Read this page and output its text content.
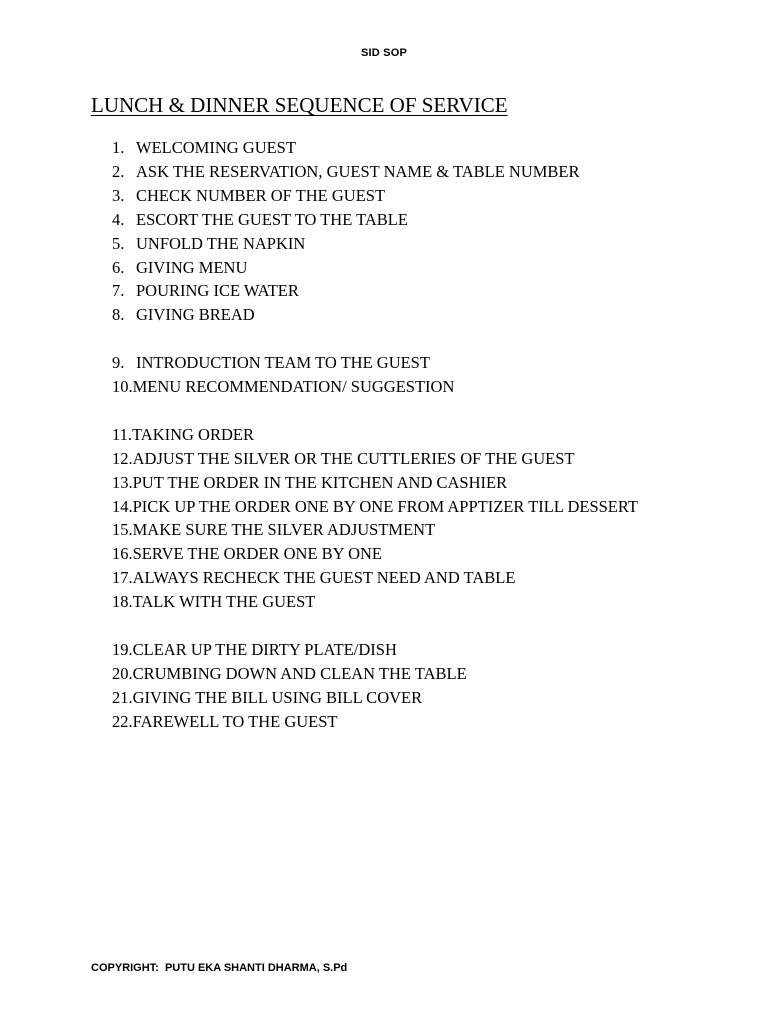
SID SOP
LUNCH & DINNER SEQUENCE OF SERVICE
1. WELCOMING GUEST
2. ASK THE RESERVATION, GUEST NAME & TABLE NUMBER
3. CHECK NUMBER OF THE GUEST
4. ESCORT THE GUEST TO THE TABLE
5. UNFOLD THE NAPKIN
6. GIVING MENU
7. POURING ICE WATER
8. GIVING BREAD
9. INTRODUCTION TEAM TO THE GUEST
10. MENU RECOMMENDATION/ SUGGESTION
11. TAKING ORDER
12. ADJUST THE SILVER OR THE CUTTLERIES OF THE GUEST
13. PUT THE ORDER IN THE KITCHEN AND CASHIER
14. PICK UP THE ORDER ONE BY ONE FROM APPTIZER TILL DESSERT
15. MAKE SURE THE SILVER ADJUSTMENT
16. SERVE THE ORDER ONE BY ONE
17. ALWAYS RECHECK THE GUEST NEED AND TABLE
18. TALK WITH THE GUEST
19. CLEAR UP THE DIRTY PLATE/DISH
20. CRUMBING DOWN AND CLEAN THE TABLE
21. GIVING THE BILL USING BILL COVER
22. FAREWELL TO THE GUEST
COPYRIGHT:  PUTU EKA SHANTI DHARMA, S.Pd
